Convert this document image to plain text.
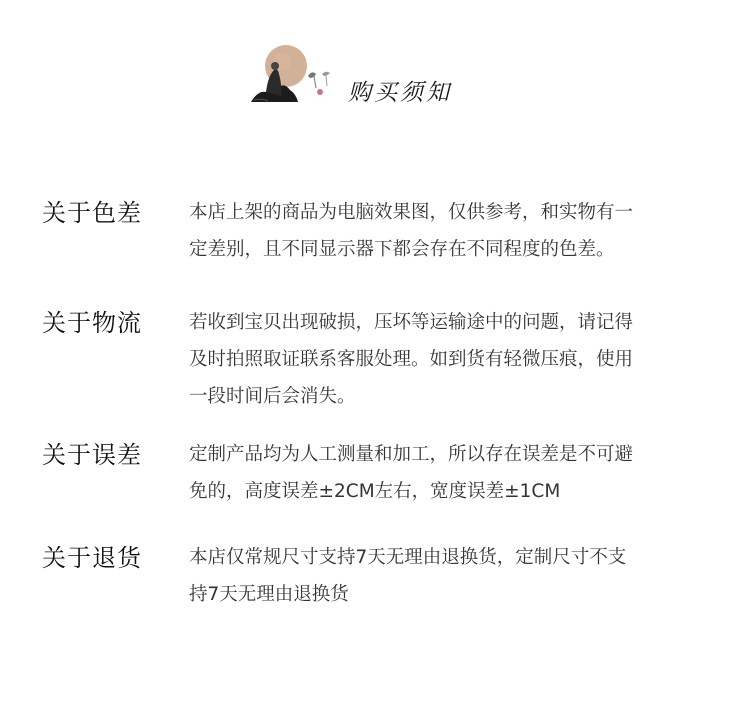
购买须知
关于色差	本店上架的商品为电脑效果图，仅供参考，和实物有一
定差别，且不同显示器下都会存在不同程度的色差。
关于物流	若收到宝贝出现破损，压坏等运输途中的问题，请记得
及时拍照取证联系客服处理。如到货有轻微压痕，使用
一段时间后会消失。
关于误差	定制产品均为人工测量和加工，所以存在误差是不可避
免的，高度误差±2CM左右，宽度误差±1CM
关于退货	本店仅常规尺寸支持7天无理由退换货，定制尺寸不支
持7天无理由退换货
